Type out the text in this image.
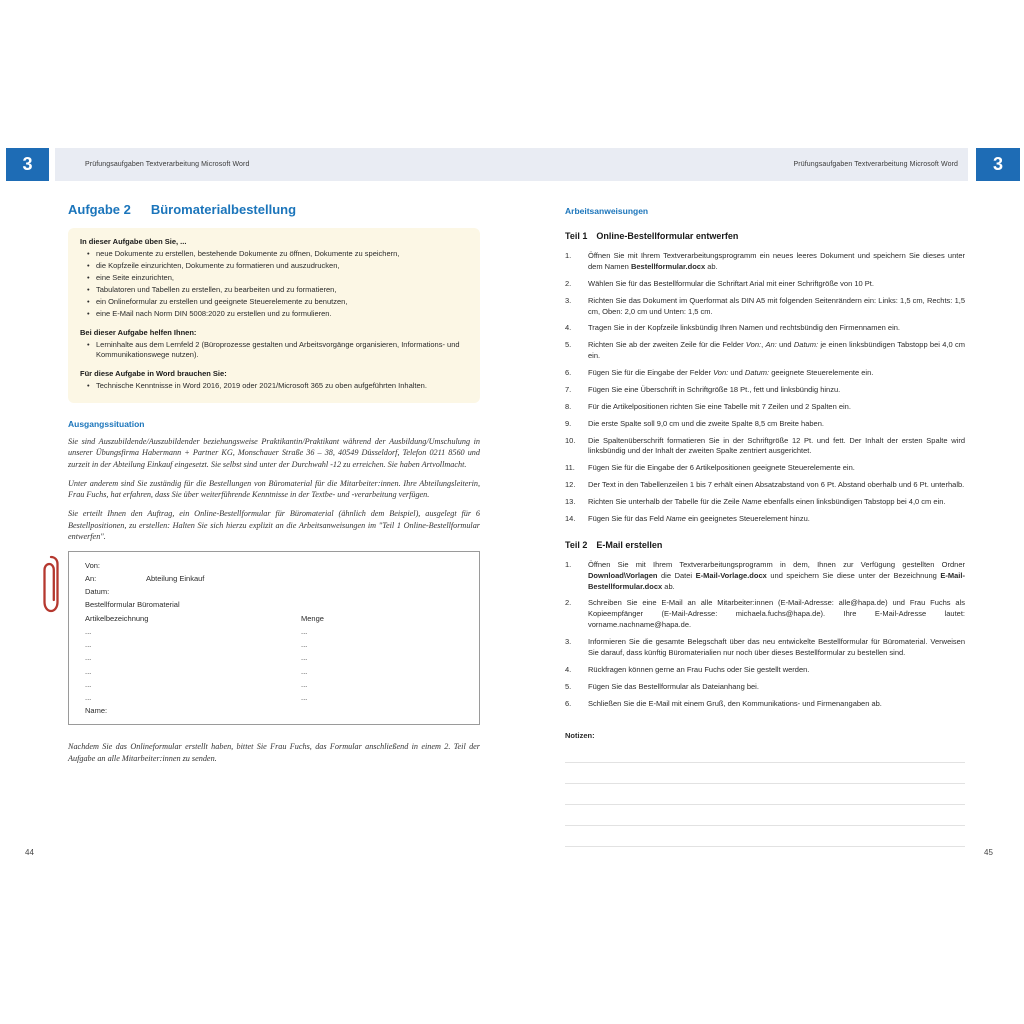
3	Prüfungsaufgaben Textverarbeitung Microsoft Word	Prüfungsaufgaben Textverarbeitung Microsoft Word	3
Aufgabe 2 Büromaterialbestellung
In dieser Aufgabe üben Sie, ...
• neue Dokumente zu erstellen, bestehende Dokumente zu öffnen, Dokumente zu speichern,
• die Kopfzeile einzurichten, Dokumente zu formatieren und auszudrucken,
• eine Seite einzurichten,
• Tabulatoren und Tabellen zu erstellen, zu bearbeiten und zu formatieren,
• ein Onlineformular zu erstellen und geeignete Steuerelemente zu benutzen,
• eine E-Mail nach Norm DIN 5008:2020 zu erstellen und zu formulieren.
Bei dieser Aufgabe helfen Ihnen:
• Lerninhalte aus dem Lernfeld 2 (Büroprozesse gestalten und Arbeitsvorgänge organisieren, Informations- und Kommunikationswege nutzen).
Für diese Aufgabe in Word brauchen Sie:
• Technische Kenntnisse in Word 2016, 2019 oder 2021/Microsoft 365 zu oben aufgeführten Inhalten.
Ausgangssituation

Sie sind Auszubildende/Auszubildender beziehungsweise Praktikantin/Praktikant während der Ausbildung/Umschulung in unserer Übungsfirma Habermann + Partner KG, Monschauer Straße 36 – 38, 40549 Düsseldorf, Telefon 0211 8560 und zurzeit in der Abteilung Einkauf eingesetzt. Sie selbst sind unter der Durchwahl -12 zu erreichen. Sie haben Artvollmacht.

Unter anderem sind Sie zuständig für die Bestellungen von Büromaterial für die Mitarbeiter:innen. Ihre Abteilungsleiterin, Frau Fuchs, hat erfahren, dass Sie über weiterführende Kenntnisse in der Textbe- und -verarbeitung verfügen.

Sie erteilt Ihnen den Auftrag, ein Online-Bestellformular für Büromaterial (ähnlich dem Beispiel), ausgelegt für 6 Bestellpositionen, zu erstellen: Halten Sie sich hierzu explizit an die Arbeitsanweisungen im "Teil 1 Online-Bestellformular entwerfen".

Von:
An:	Abteilung Einkauf
Datum:
Bestellformular Büromaterial
Artikelbezeichnung	Menge
...	...
...	...
...	...
...	...
...	...
...	...
Name:

Nachdem Sie das Onlineformular erstellt haben, bittet Sie Frau Fuchs, das Formular anschließend in einem 2. Teil der Aufgabe an alle Mitarbeiter:innen zu senden.

Arbeitsanweisungen
Teil 1 Online-Bestellformular entwerfen
1.	Öffnen Sie mit Ihrem Textverarbeitungsprogramm ein neues leeres Dokument und speichern Sie dieses unter dem Namen Bestellformular.docx ab.
2.	Wählen Sie für das Bestellformular die Schriftart Arial mit einer Schriftgröße von 10 Pt.
3.	Richten Sie das Dokument im Querformat als DIN A5 mit folgenden Seitenrändern ein: Links: 1,5 cm, Rechts: 1,5 cm, Oben: 2,0 cm und Unten: 1,5 cm.
4.	Tragen Sie in der Kopfzeile linksbündig Ihren Namen und rechtsbündig den Firmennamen ein.
5.	Richten Sie ab der zweiten Zeile für die Felder Von:, An: und Datum: je einen linksbündigen Tabstopp bei 4,0 cm ein.
6.	Fügen Sie für die Eingabe der Felder Von: und Datum: geeignete Steuerelemente ein.
7.	Fügen Sie eine Überschrift in Schriftgröße 18 Pt., fett und linksbündig hinzu.
8.	Für die Artikelpositionen richten Sie eine Tabelle mit 7 Zeilen und 2 Spalten ein.
9.	Die erste Spalte soll 9,0 cm und die zweite Spalte 8,5 cm Breite haben.
10.	Die Spaltenüberschrift formatieren Sie in der Schriftgröße 12 Pt. und fett. Der Inhalt der ersten Spalte wird linksbündig und der Inhalt der zweiten Spalte zentriert ausgerichtet.
11.	Fügen Sie für die Eingabe der 6 Artikelpositionen geeignete Steuerelemente ein.
12.	Der Text in den Tabellenzeilen 1 bis 7 erhält einen Absatzabstand von 6 Pt. Abstand oberhalb und 6 Pt. unterhalb.
13.	Richten Sie unterhalb der Tabelle für die Zeile Name ebenfalls einen linksbündigen Tabstopp bei 4,0 cm ein.
14.	Fügen Sie für das Feld Name ein geeignetes Steuerelement hinzu.
Teil 2 E-Mail erstellen
1.	Öffnen Sie mit Ihrem Textverarbeitungsprogramm in dem, Ihnen zur Verfügung gestellten Ordner Download\Vorlagen die Datei E-Mail-Vorlage.docx und speichern Sie diese unter der Bezeichnung E-Mail-Bestellformular.docx ab.
2.	Schreiben Sie eine E-Mail an alle Mitarbeiter:innen (E-Mail-Adresse: alle@hapa.de) und Frau Fuchs als Kopieempfänger (E-Mail-Adresse: michaela.fuchs@hapa.de). Ihre E-Mail-Adresse lautet: vorname.nachname@hapa.de.
3.	Informieren Sie die gesamte Belegschaft über das neu entwickelte Bestellformular für Büromaterial. Verweisen Sie darauf, dass künftig Büromaterialien nur noch über dieses Bestellformular zu bestellen sind.
4.	Rückfragen können gerne an Frau Fuchs oder Sie gestellt werden.
5.	Fügen Sie das Bestellformular als Dateianhang bei.
6.	Schließen Sie die E-Mail mit einem Gruß, den Kommunikations- und Firmenangaben ab.
Notizen:
44	45
